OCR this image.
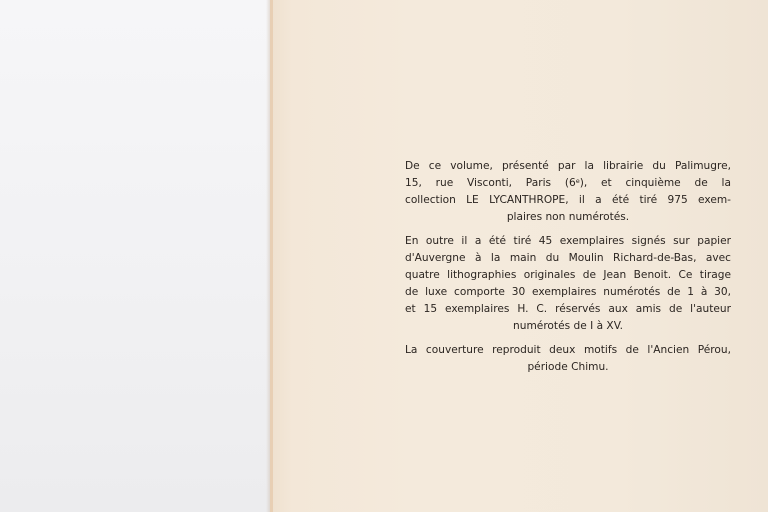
De ce volume, présenté par la librairie du Palimugre,
15, rue Visconti, Paris (6e), et cinquième de la
collection LE LYCANTHROPE, il a été tiré 975 exem-
plaires non numérotés.

En outre il a été tiré 45 exemplaires signés sur papier
d'Auvergne à la main du Moulin Richard-de-Bas, avec
quatre lithographies originales de Jean Benoit. Ce tirage
de luxe comporte 30 exemplaires numérotés de 1 à 30,
et 15 exemplaires H. C. réservés aux amis de l'auteur
numérotés de I à XV.

La couverture reproduit deux motifs de l'Ancien Pérou,
période Chimu.
